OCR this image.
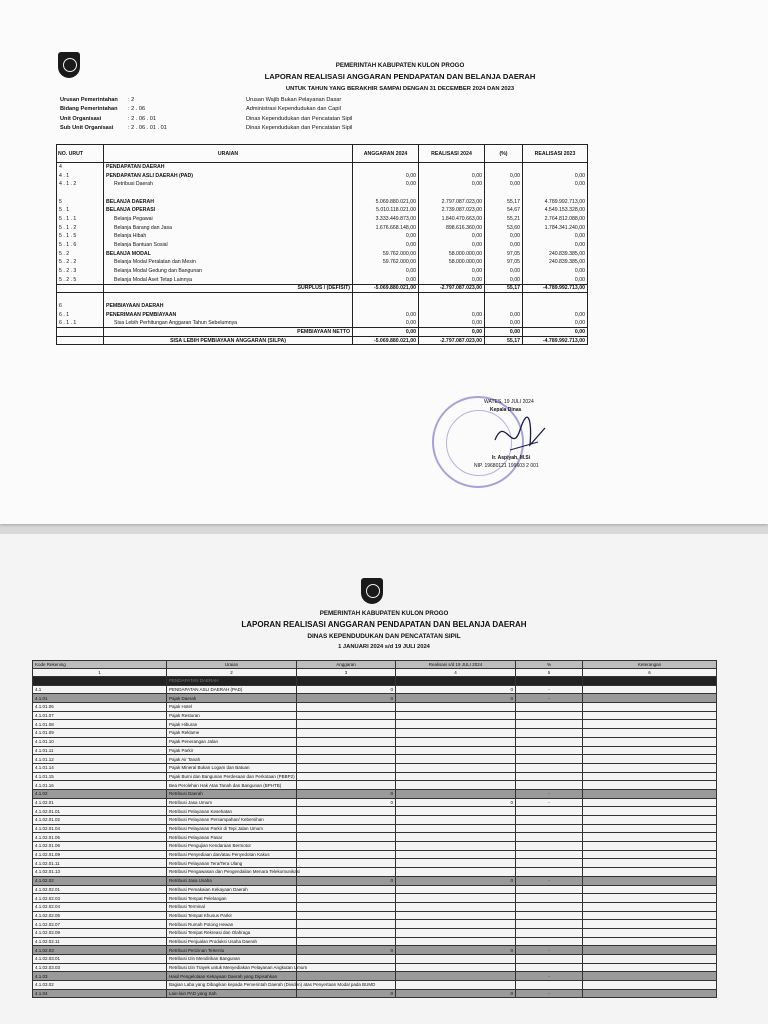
PEMERINTAH KABUPATEN KULON PROGO
LAPORAN REALISASI ANGGARAN PENDAPATAN DAN BELANJA DAERAH
UNTUK TAHUN YANG BERAKHIR SAMPAI DENGAN 31 DECEMBER 2024 DAN 2023
Urusan Pemerintahan	: 2	Urusan Wajib Bukan Pelayanan Dasar
Bidang Pemerintahan	: 2 . 06	Administrasi Kependudukan dan Capil
Unit Organisasi	: 2 . 06 . 01	Dinas Kependudukan dan Pencatatan Sipil
Sub Unit Organisasi	: 2 . 06 . 01 . 01	Dinas Kependudukan dan Pencatatan Sipil
NO. URUT	URAIAN	ANGGARAN 2024	REALISASI 2024	(%)	REALISASI 2023
4	PENDAPATAN DAERAH				
4 . 1	PENDAPATAN ASLI DAERAH (PAD)	0,00	0,00	0,00	0,00
4 . 1 . 2	Retribusi Daerah	0,00	0,00	0,00	0,00

5	BELANJA DAERAH	5.069.880.021,00	2.797.087.023,00	55,17	4.789.992.713,00
5 . 1	BELANJA OPERASI	5.010.118.021,00	2.739.087.023,00	54,67	4.549.153.328,00
5 . 1 . 1	Belanja Pegawai	3.333.449.873,00	1.840.470.663,00	55,21	2.764.812.088,00
5 . 1 . 2	Belanja Barang dan Jasa	1.676.668.148,00	898.616.360,00	53,60	1.784.341.240,00
5 . 1 . 5	Belanja Hibah	0,00	0,00	0,00	0,00
5 . 1 . 6	Belanja Bantuan Sosial	0,00	0,00	0,00	0,00
5 . 2	BELANJA MODAL	59.762.000,00	58.000.000,00	97,05	240.839.385,00
5 . 2 . 2	Belanja Modal Peralatan dan Mesin	59.762.000,00	58.000.000,00	97,05	240.839.385,00
5 . 2 . 3	Belanja Modal Gedung dan Bangunan	0,00	0,00	0,00	0,00
5 . 2 . 5	Belanja Modal Aset Tetap Lainnya	0,00	0,00	0,00	0,00
	SURPLUS / (DEFISIT)	-5.069.880.021,00	-2.797.087.023,00	55,17	-4.789.992.713,00

6	PEMBIAYAAN DAERAH				
6 . 1	PENERIMAAN PEMBIAYAAN	0,00	0,00	0,00	0,00
6 . 1 . 1	Sisa Lebih Perhitungan Anggaran Tahun Sebelumnya	0,00	0,00	0,00	0,00
	PEMBIAYAAN NETTO	0,00	0,00	0,00	0,00
	SISA LEBIH PEMBIAYAAN ANGGARAN (SILPA)	-5.069.880.021,00	-2.797.087.023,00	55,17	-4.789.992.713,00
WATES, 19 JULI 2024
Kepala Dinas
Ir. Aspiyah, M.Si
NIP. 19680121 199603 2 001
PEMERINTAH KABUPATEN KULON PROGO
LAPORAN REALISASI ANGGARAN PENDAPATAN DAN BELANJA DAERAH
DINAS KEPENDUDUKAN DAN PENCATATAN SIPIL
1 JANUARI 2024 s/d 19 JULI 2024
Kode Rekening	Uraian	Anggaran	Realisasi s/d 19 JULI 2024	%	Keterangan
1	2	3	4	5	6
	PENDAPATAN DAERAH				
4.1	PENDAPATAN ASLI DAERAH (PAD)	0	0	-	
4.1.01	Pajak Daerah	0	0	-	
4.1.01.06	Pajak Hotel				
4.1.01.07	Pajak Restoran				
4.1.01.08	Pajak Hiburan				
4.1.01.09	Pajak Reklame				
4.1.01.10	Pajak Penerangan Jalan				
4.1.01.11	Pajak Parkir				
4.1.01.12	Pajak Air Tanah				
4.1.01.14	Pajak Mineral Bukan Logam dan Batuan				
4.1.01.15	Pajak Bumi dan Bangunan Perdesaan dan Perkotaan (PBBP2)				
4.1.01.16	Bea Perolehan Hak Atas Tanah dan Bangunan (BPHTB)				
4.1.02	Retribusi Daerah	0		-	
4.1.02.01	Retribusi Jasa Umum	0	0	-	
4.1.02.01.01	Retribusi Pelayanan Kesehatan				
4.1.02.01.02	Retribusi Pelayanan Persampahan/ Kebersihan				
4.1.02.01.04	Retribusi Pelayanan Parkir di Tepi Jalan Umum				
4.1.02.01.05	Retribusi Pelayanan Pasar				
4.1.02.01.06	Retribusi Pengujian Kendaraan Bermotor				
4.1.02.01.09	Retribusi Penyediaan dan/atau Penyedotan Kakus				
4.1.02.01.11	Retribusi Pelayanan Tera/Tera Ulang				
4.1.02.01.13	Retribusi Pengawasan dan Pengendalian Menara Telekomunikasi				
4.1.02.02	Retribusi Jasa Usaha	0	0	-	
4.1.02.02.01	Retribusi Pemakaian Kekayaan Daerah				
4.1.02.02.03	Retribusi Tempat Pelelangan				
4.1.02.02.04	Retribusi Terminal				
4.1.02.02.05	Retribusi Tempat Khusus Parkir				
4.1.02.02.07	Retribusi Rumah Potong Hewan				
4.1.02.02.09	Retribusi Tempat Rekreasi dan Olahraga				
4.1.02.02.11	Retribusi Penjualan Produksi Usaha Daerah				
4.1.02.03	Retribusi Perizinan Tertentu	0	0	-	
4.1.02.03.01	Retribusi Izin Mendirikan Bangunan				
4.1.02.03.03	Retribusi Izin Trayek untuk Menyediakan Pelayanan Angkutan Umum				
4.1.03	Hasil Pengelolaan Kekayaan Daerah yang Dipisahkan			-	
4.1.03.02	Bagian Laba yang Dibagikan kepada Pemerintah Daerah (Dividen) atas Penyertaan Modal pada BUMD				
4.1.04	Lain-lain PAD yang Sah	0	0	-	
